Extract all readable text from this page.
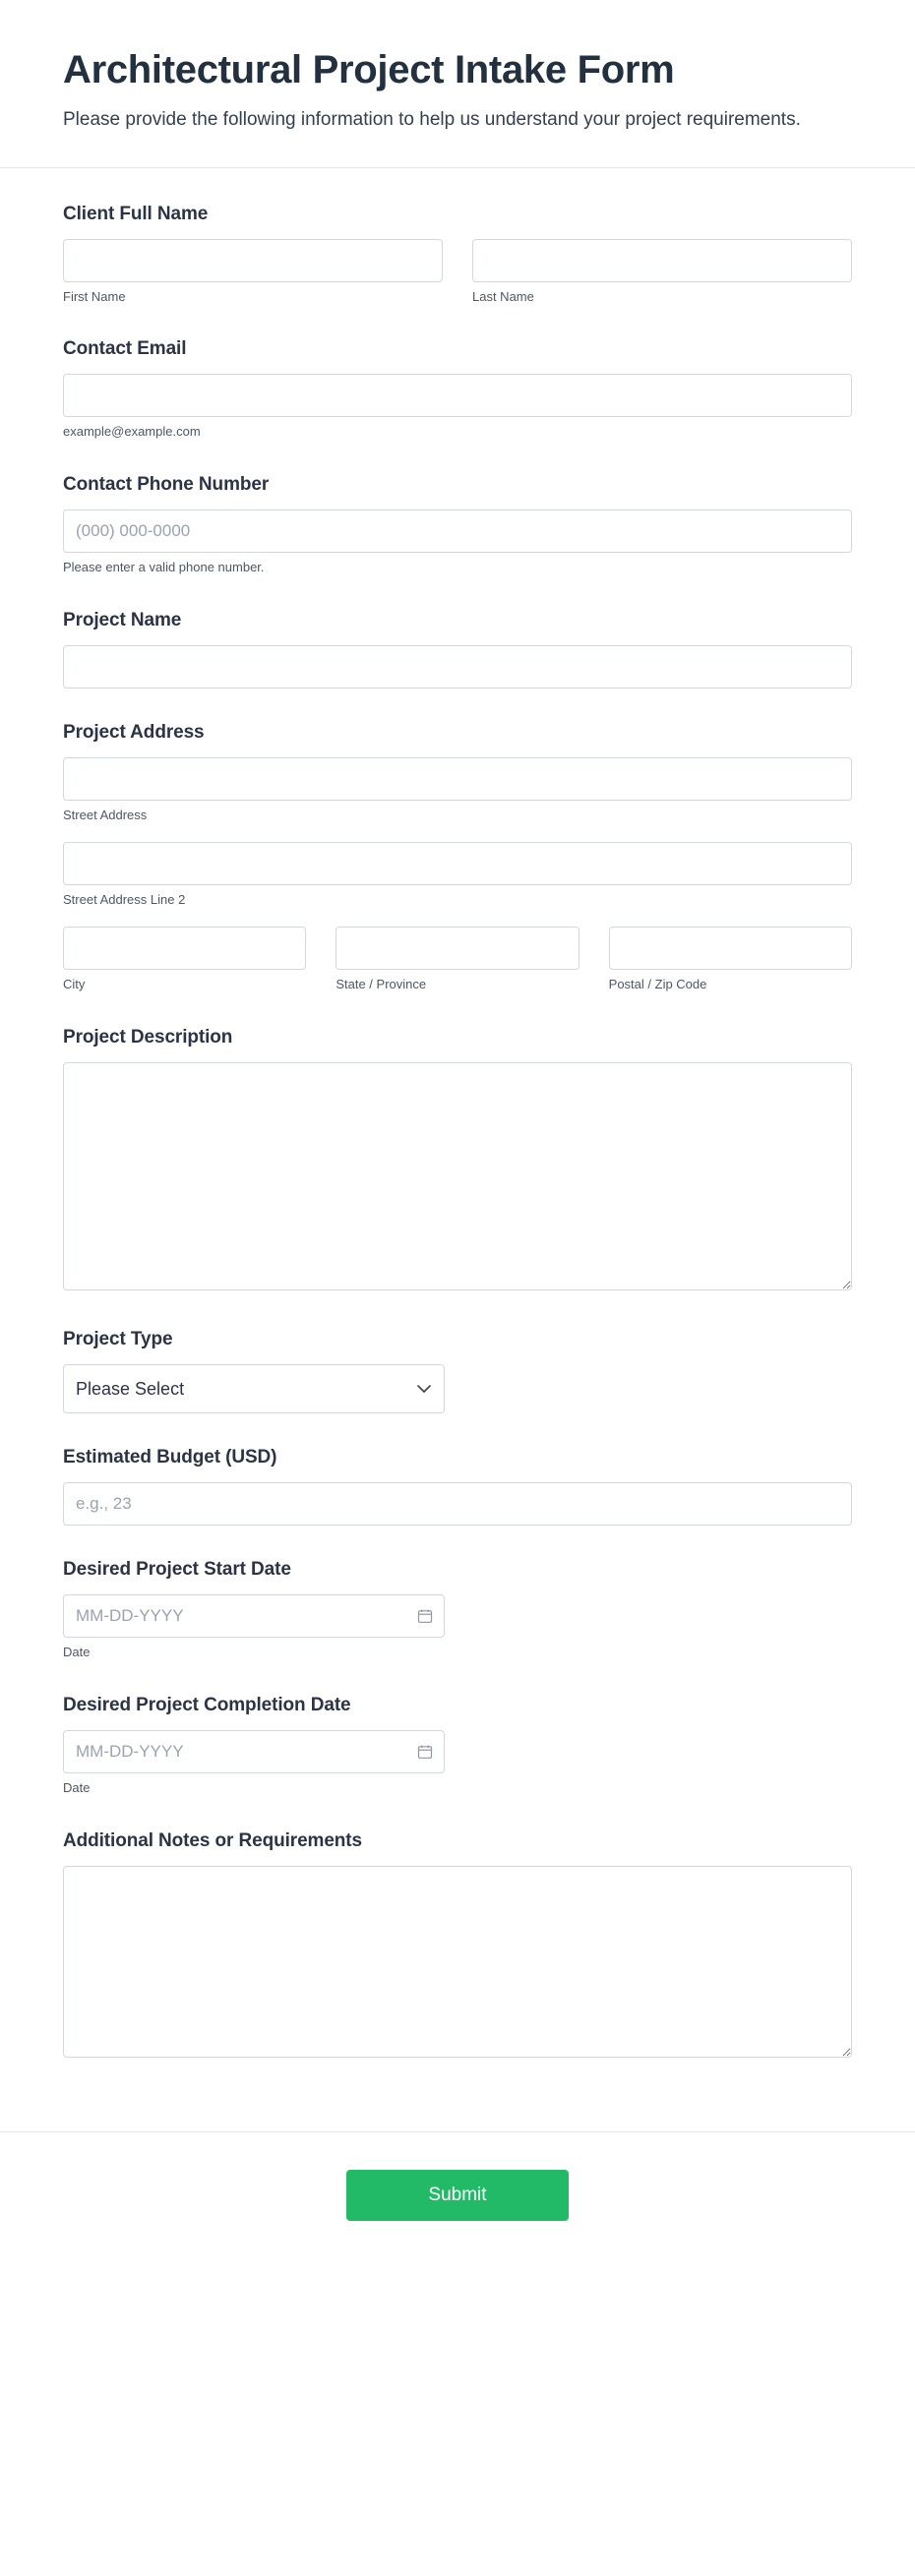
Architectural Project Intake Form

Please provide the following information to help us understand your project requirements.

Client Full Name
First Name	Last Name
Contact Email
example@example.com
Contact Phone Number
(000) 000-0000
Please enter a valid phone number.
Project Name
Project Address
Street Address
Street Address Line 2
City	State / Province	Postal / Zip Code
Project Description
Project Type
Please Select
Estimated Budget (USD)
e.g., 23
Desired Project Start Date
MM-DD-YYYY
Date
Desired Project Completion Date
MM-DD-YYYY
Date
Additional Notes or Requirements
Submit
